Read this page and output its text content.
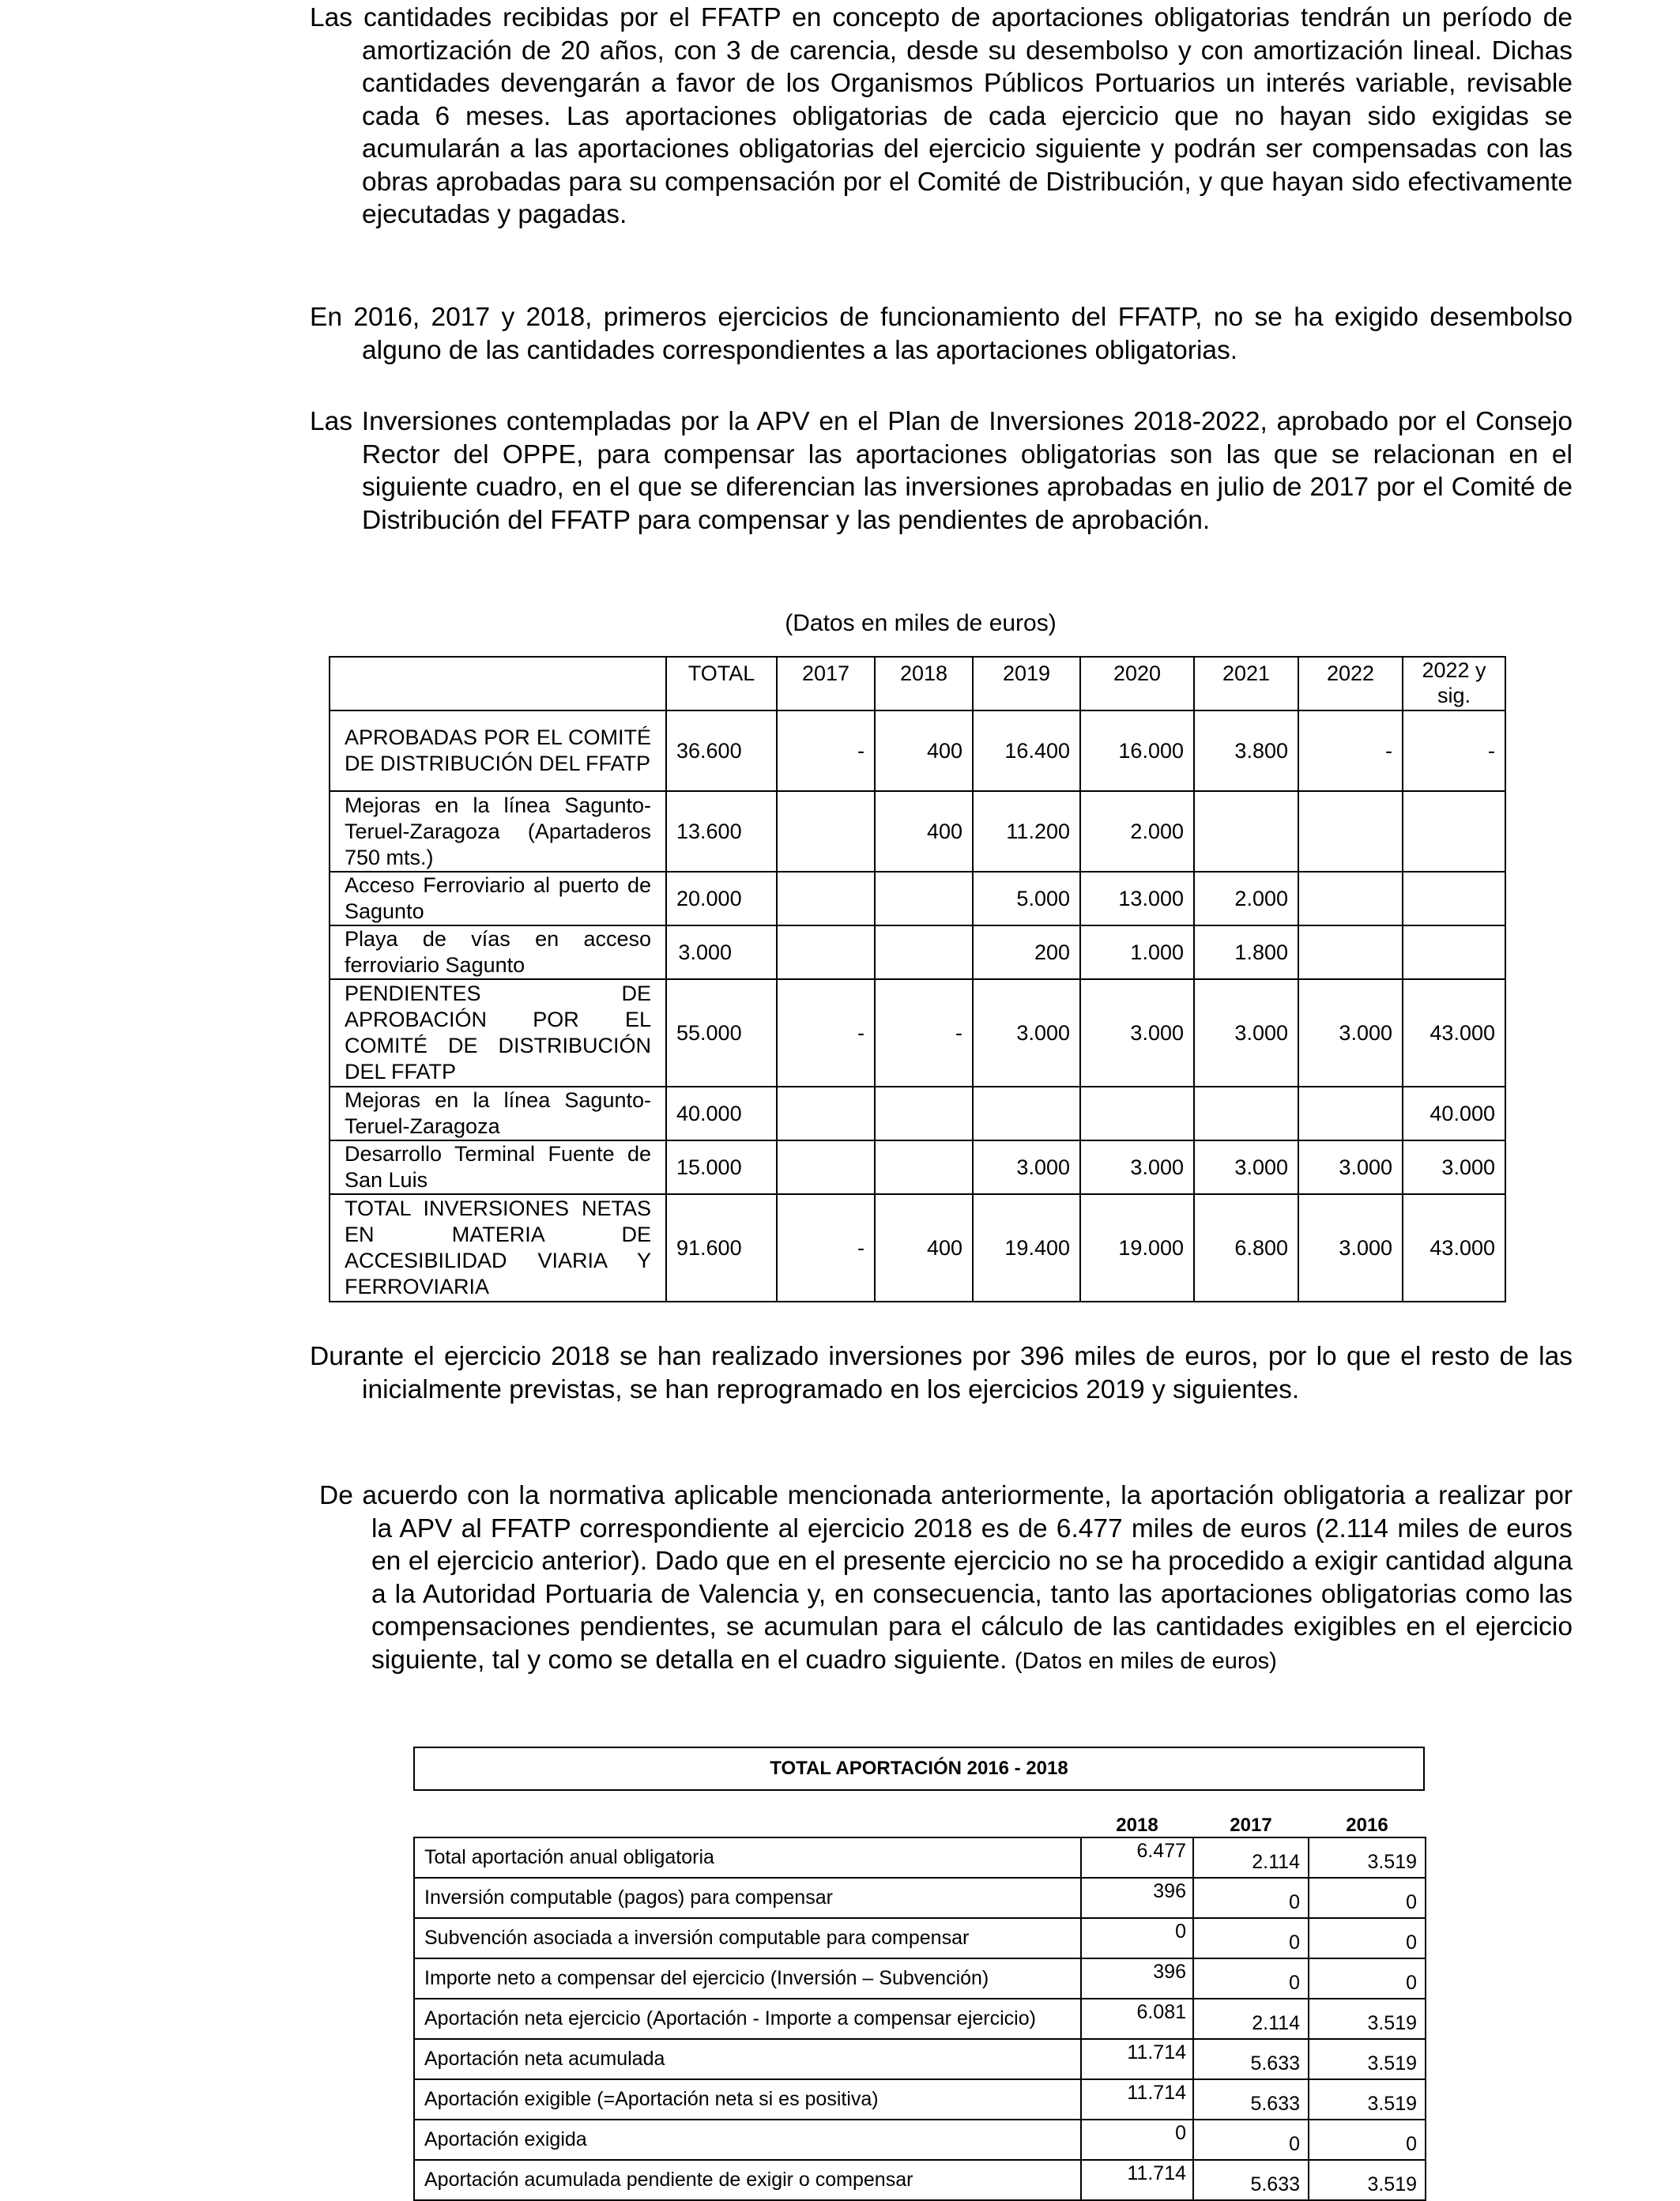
Las cantidades recibidas por el FFATP en concepto de aportaciones obligatorias tendrán un período de amortización de 20 años, con 3 de carencia, desde su desembolso y con amortización lineal. Dichas cantidades devengarán a favor de los Organismos Públicos Portuarios un interés variable, revisable cada 6 meses. Las aportaciones obligatorias de cada ejercicio que no hayan sido exigidas se acumularán a las aportaciones obligatorias del ejercicio siguiente y podrán ser compensadas con las obras aprobadas para su compensación por el Comité de Distribución, y que hayan sido efectivamente ejecutadas y pagadas.
En 2016, 2017 y 2018, primeros ejercicios de funcionamiento del FFATP, no se ha exigido desembolso alguno de las cantidades correspondientes a las aportaciones obligatorias.
Las Inversiones contempladas por la APV en el Plan de Inversiones 2018-2022, aprobado por el Consejo Rector del OPPE, para compensar las aportaciones obligatorias son las que se relacionan en el siguiente cuadro, en el que se diferencian las inversiones aprobadas en julio de 2017 por el Comité de Distribución del FFATP para compensar y las pendientes de aprobación.
(Datos en miles de euros)
	TOTAL	2017	2018	2019	2020	2021	2022	2022 y sig.
APROBADAS POR EL COMITÉ DE DISTRIBUCIÓN DEL FFATP	36.600	-	400	16.400	16.000	3.800	-	-
Mejoras en la línea Sagunto-Teruel-Zaragoza (Apartaderos 750 mts.)	13.600		400	11.200	2.000			
Acceso Ferroviario al puerto de Sagunto	20.000			5.000	13.000	2.000		
Playa de vías en acceso ferroviario Sagunto	3.000			200	1.000	1.800		
PENDIENTES DE APROBACIÓN POR EL COMITÉ DE DISTRIBUCIÓN DEL FFATP	55.000	-	-	3.000	3.000	3.000	3.000	43.000
Mejoras en la línea Sagunto-Teruel-Zaragoza	40.000							40.000
Desarrollo Terminal Fuente de San Luis	15.000			3.000	3.000	3.000	3.000	3.000
TOTAL INVERSIONES NETAS EN MATERIA DE ACCESIBILIDAD VIARIA Y FERROVIARIA	91.600	-	400	19.400	19.000	6.800	3.000	43.000
Durante el ejercicio 2018 se han realizado inversiones por 396 miles de euros, por lo que el resto de las inicialmente previstas, se han reprogramado en los ejercicios 2019 y siguientes.
De acuerdo con la normativa aplicable mencionada anteriormente, la aportación obligatoria a realizar por la APV al FFATP correspondiente al ejercicio 2018 es de 6.477 miles de euros (2.114 miles de euros en el ejercicio anterior). Dado que en el presente ejercicio no se ha procedido a exigir cantidad alguna a la Autoridad Portuaria de Valencia y, en consecuencia, tanto las aportaciones obligatorias como las compensaciones pendientes, se acumulan para el cálculo de las cantidades exigibles en el ejercicio siguiente, tal y como se detalla en el cuadro siguiente. (Datos en miles de euros)
TOTAL APORTACIÓN 2016 - 2018
	2018	2017	2016
Total aportación anual obligatoria	6.477	2.114	3.519
Inversión computable (pagos) para compensar	396	0	0
Subvención asociada a inversión computable para compensar	0	0	0
Importe neto a compensar del ejercicio (Inversión – Subvención)	396	0	0
Aportación neta ejercicio (Aportación - Importe a compensar ejercicio)	6.081	2.114	3.519
Aportación neta acumulada	11.714	5.633	3.519
Aportación exigible (=Aportación neta si es positiva)	11.714	5.633	3.519
Aportación exigida	0	0	0
Aportación acumulada pendiente de exigir o compensar	11.714	5.633	3.519
